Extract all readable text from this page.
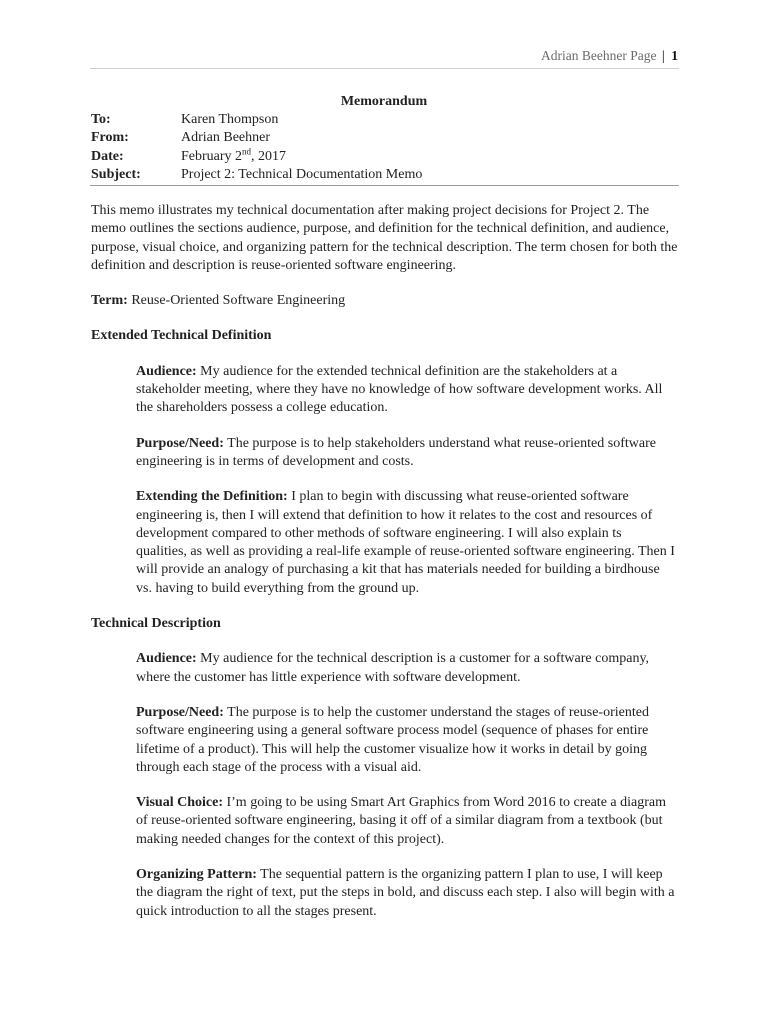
Adrian Beehner Page | 1
Memorandum
To:	Karen Thompson
From:	Adrian Beehner
Date:	February 2nd, 2017
Subject:	Project 2: Technical Documentation Memo

This memo illustrates my technical documentation after making project decisions for Project 2. The memo outlines the sections audience, purpose, and definition for the technical definition, and audience, purpose, visual choice, and organizing pattern for the technical description. The term chosen for both the definition and description is reuse-oriented software engineering.

Term: Reuse-Oriented Software Engineering

Extended Technical Definition

Audience: My audience for the extended technical definition are the stakeholders at a stakeholder meeting, where they have no knowledge of how software development works. All the shareholders possess a college education.

Purpose/Need: The purpose is to help stakeholders understand what reuse-oriented software engineering is in terms of development and costs.

Extending the Definition: I plan to begin with discussing what reuse-oriented software engineering is, then I will extend that definition to how it relates to the cost and resources of development compared to other methods of software engineering. I will also explain ts qualities, as well as providing a real-life example of reuse-oriented software engineering. Then I will provide an analogy of purchasing a kit that has materials needed for building a birdhouse vs. having to build everything from the ground up.

Technical Description

Audience: My audience for the technical description is a customer for a software company, where the customer has little experience with software development.

Purpose/Need: The purpose is to help the customer understand the stages of reuse-oriented software engineering using a general software process model (sequence of phases for entire lifetime of a product). This will help the customer visualize how it works in detail by going through each stage of the process with a visual aid.

Visual Choice: I’m going to be using Smart Art Graphics from Word 2016 to create a diagram of reuse-oriented software engineering, basing it off of a similar diagram from a textbook (but making needed changes for the context of this project).

Organizing Pattern: The sequential pattern is the organizing pattern I plan to use, I will keep the diagram the right of text, put the steps in bold, and discuss each step. I also will begin with a quick introduction to all the stages present.
